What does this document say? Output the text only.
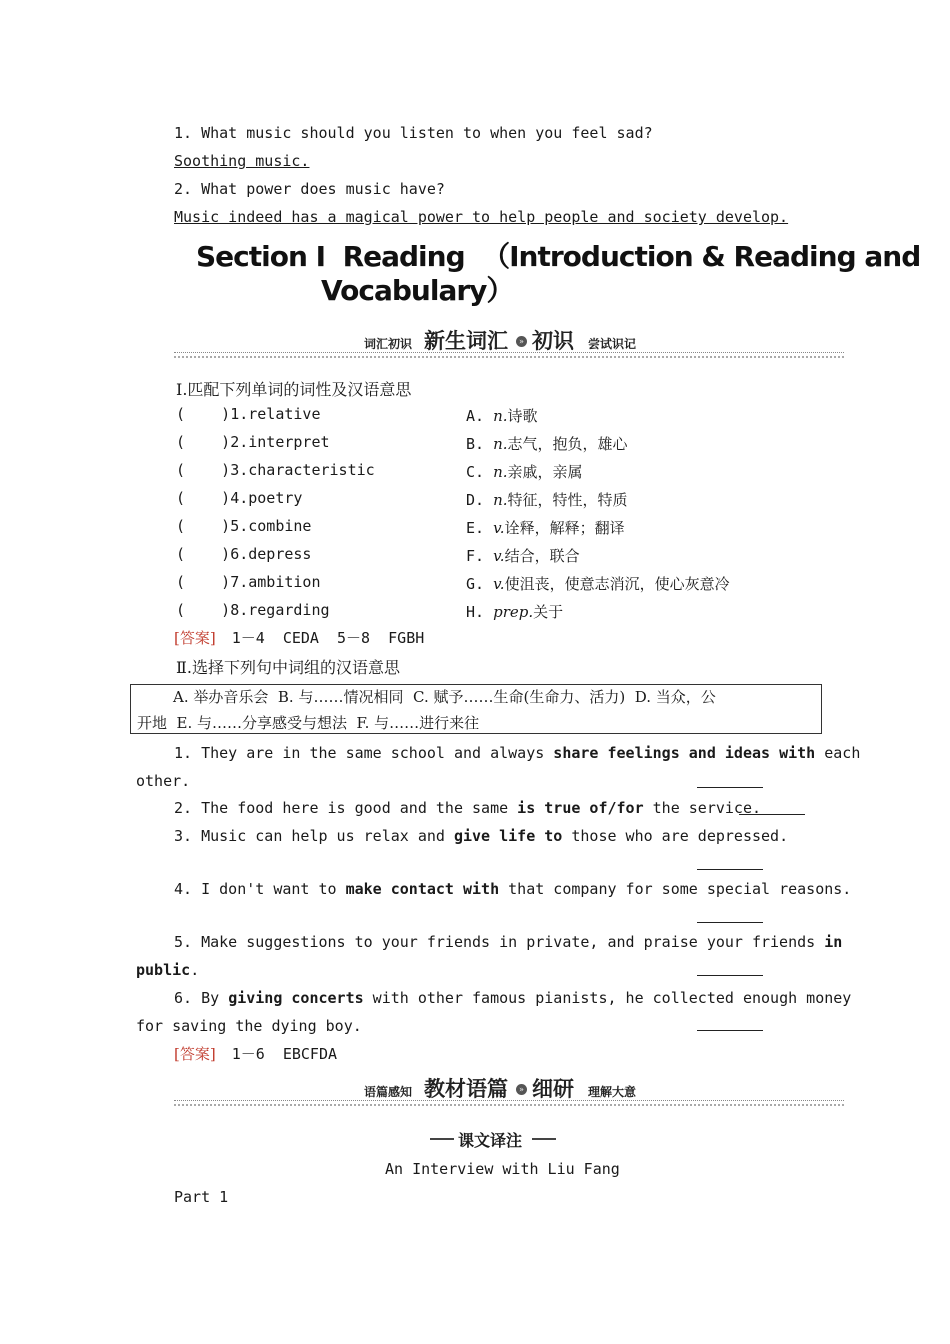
1. What music should you listen to when you feel sad?
Soothing music.
2. What power does music have?
Music indeed has a magical power to help people and society develop.
Section I  Reading  （Introduction & Reading and
Vocabulary）
词汇初识 新生词汇	» 初识 尝试识记
Ⅰ.匹配下列单词的词性及汉语意思
(    )1.relative
(    )2.interpret
(    )3.characteristic
(    )4.poetry
(    )5.combine
(    )6.depress
(    )7.ambition
(    )8.regarding
A. n.诗歌
B. n.志气，抱负，雄心
C. n.亲戚，亲属
D. n.特征，特性，特质
E. v.诠释，解释；翻译
F. v.结合，联合
G. v.使沮丧，使意志消沉，使心灰意冷
H. prep.关于
[答案] 1－4  CEDA  5－8  FGBH
Ⅱ.选择下列句中词组的汉语意思
A. 举办音乐会  B. 与……情况相同  C. 赋予……生命(生命力、活力)  D. 当众，公
开地  E. 与……分享感受与想法  F. 与……进行来往
1. They are in the same school and always share feelings and ideas with each
other.
2. The food here is good and the same is true of/for the service.
3. Music can help us relax and give life to those who are depressed.
4. I don't want to make contact with that company for some special reasons.
5. Make suggestions to your friends in private, and praise your friends in
public.
6. By giving concerts with other famous pianists, he collected enough money
for saving the dying boy.
[答案] 1－6  EBCFDA
语篇感知 教材语篇	» 细研 理解大意
课文译注
An Interview with Liu Fang
Part 1
